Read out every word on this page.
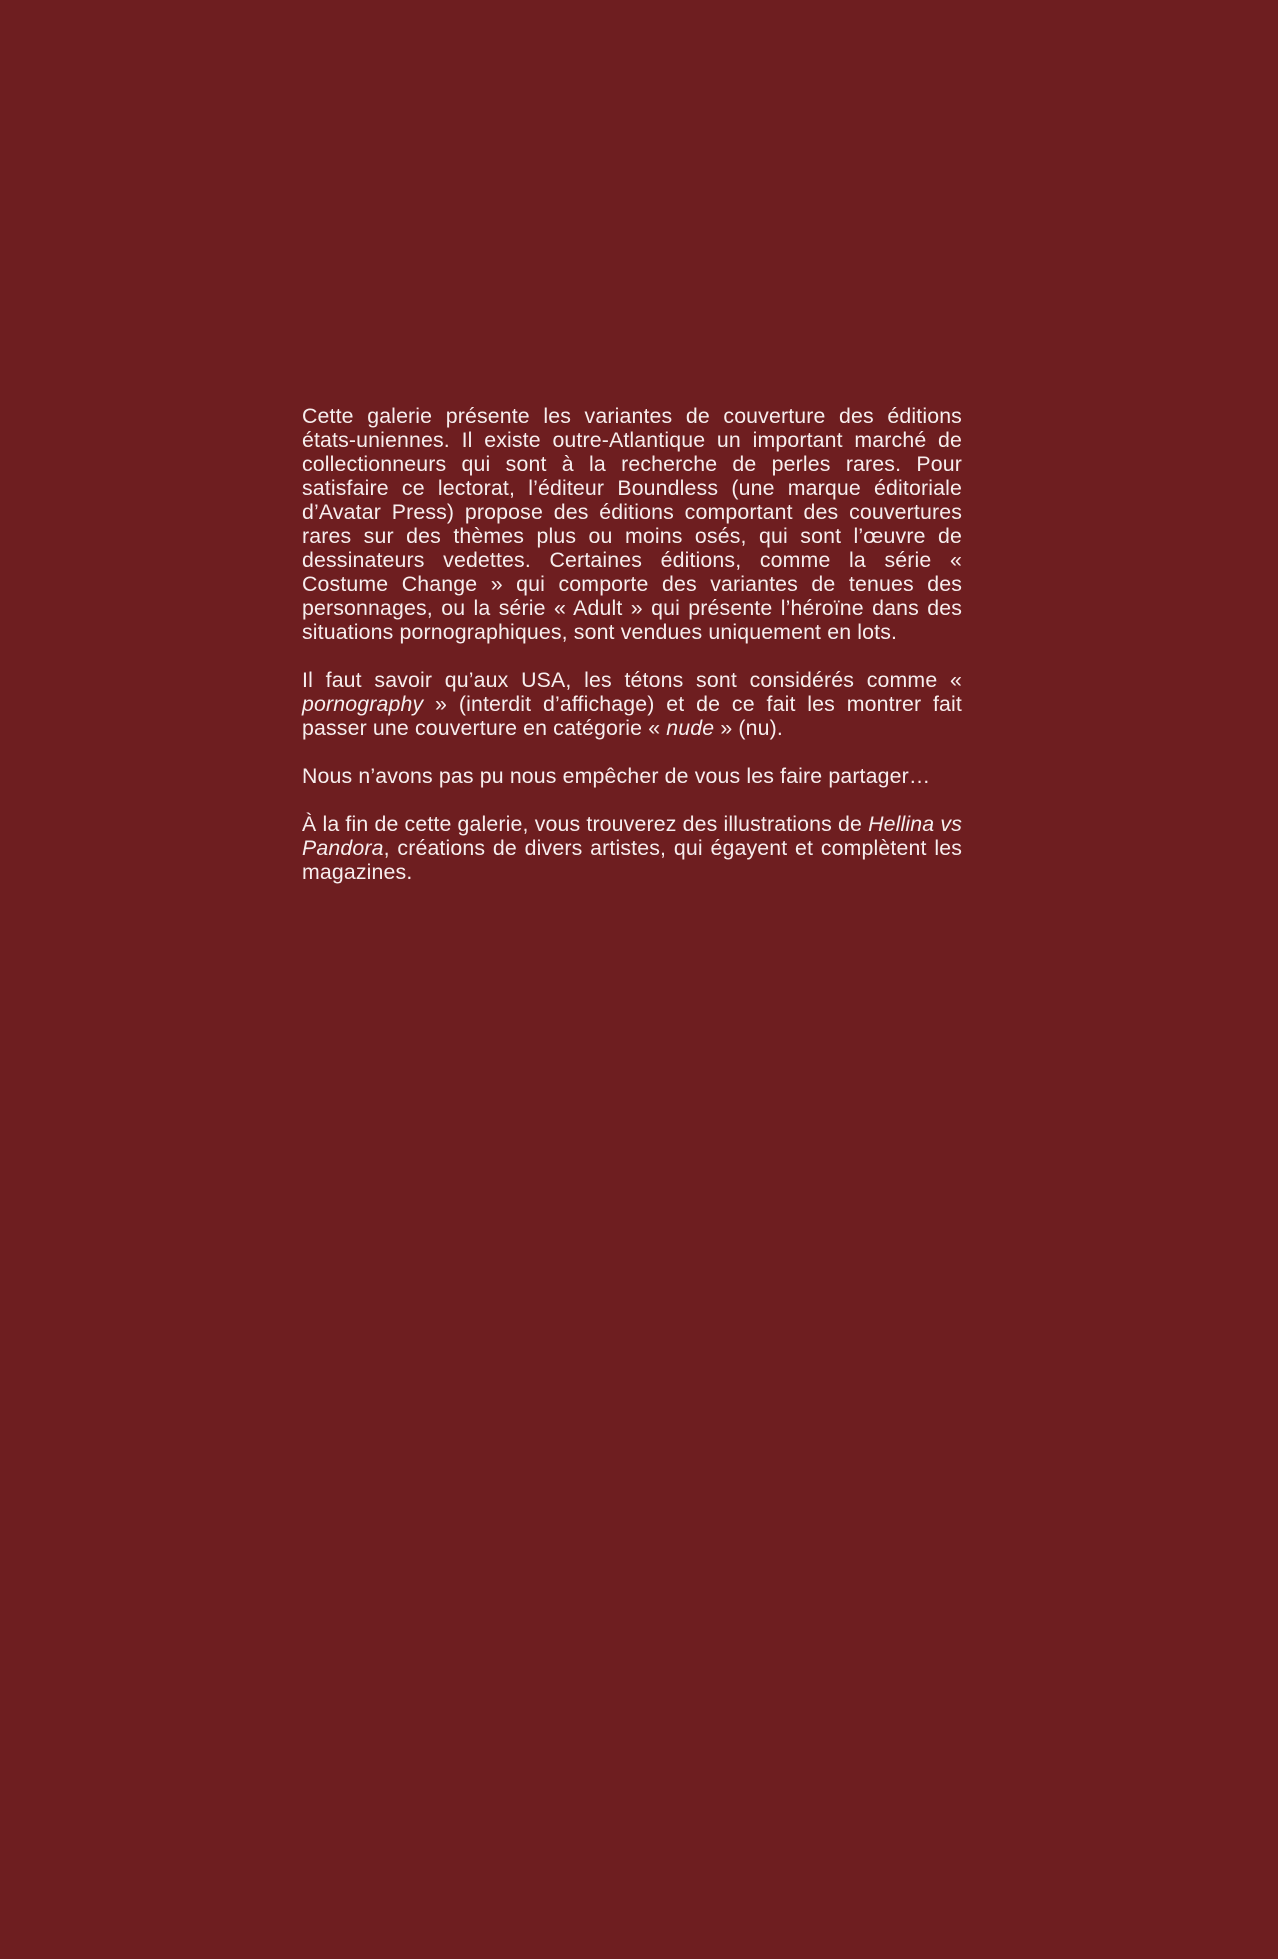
Cette galerie présente les variantes de couverture des éditions états-uniennes. Il existe outre-Atlantique un important marché de collectionneurs qui sont à la recherche de perles rares. Pour satisfaire ce lectorat, l’éditeur Boundless (une marque éditoriale d’Avatar Press) propose des éditions comportant des couvertures rares sur des thèmes plus ou moins osés, qui sont l’œuvre de dessinateurs vedettes. Certaines éditions, comme la série « Costume Change » qui comporte des variantes de tenues des personnages, ou la série « Adult » qui présente l’héroïne dans des situations pornographiques, sont vendues uniquement en lots.

Il faut savoir qu’aux USA, les tétons sont considérés comme « pornography » (interdit d’affichage) et de ce fait les montrer fait passer une couverture en catégorie « nude » (nu).

Nous n’avons pas pu nous empêcher de vous les faire partager…

À la fin de cette galerie, vous trouverez des illustrations de Hellina vs Pandora, créations de divers artistes, qui égayent et complètent les magazines.
